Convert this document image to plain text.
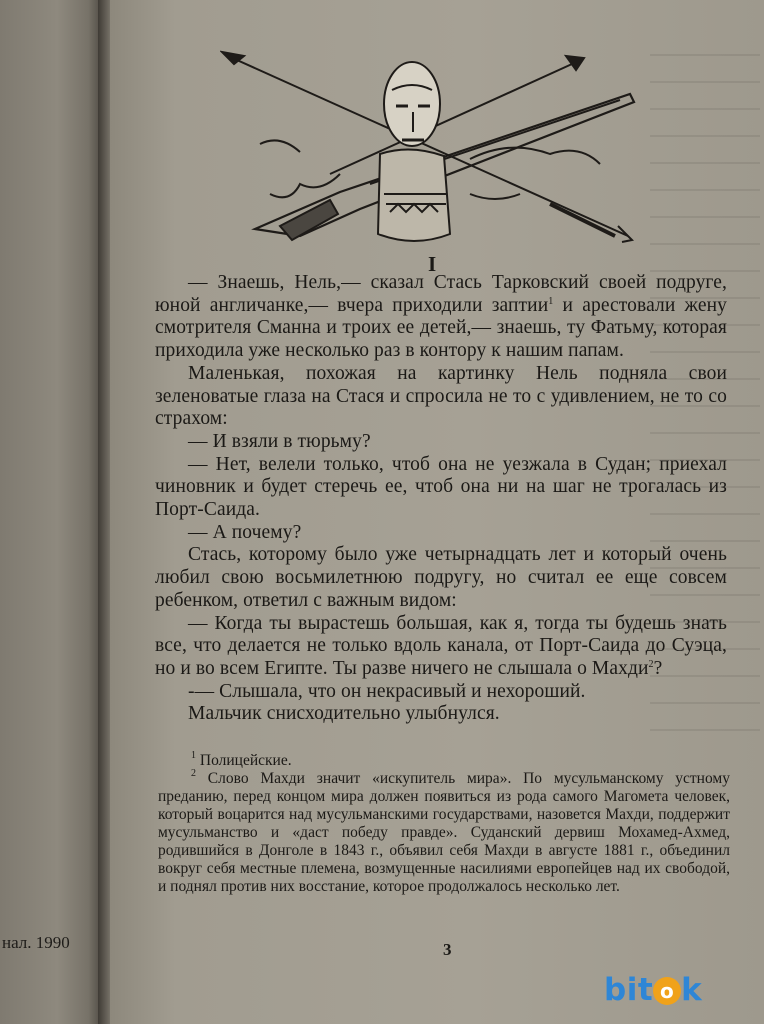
нал. 1990
I

— Знаешь, Нель,— сказал Стась Тарковский своей подруге, юной англичанке,— вчера приходили заптии$^1$ и арестовали жену смотрителя Сманна и троих ее детей,— знаешь, ту Фатьму, которая приходила уже несколько раз в контору к нашим папам.

Маленькая, похожая на картинку Нель подняла свои зеленоватые глаза на Стася и спросила не то с удивлением, не то со страхом:

— И взяли в тюрьму?

— Нет, велели только, чтоб она не уезжала в Судан; приехал чиновник и будет стеречь ее, чтоб она ни на шаг не трогалась из Порт-Саида.

— А почему?

Стась, которому было уже четырнадцать лет и который очень любил свою восьмилетнюю подругу, но считал ее еще совсем ребенком, ответил с важным видом:

— Когда ты вырастешь большая, как я, тогда ты будешь знать все, что делается не только вдоль канала, от Порт-Саида до Суэца, но и во всем Египте. Ты разве ничего не слышала о Махди$^2$?

-— Слышала, что он некрасивый и нехороший.

Мальчик снисходительно улыбнулся.

$^1$ Полицейские.

$^2$ Слово Махди значит «искупитель мира». По мусульманскому устному преданию, перед концом мира должен появиться из рода самого Магомета человек, который воцарится над мусульманскими государствами, назовется Махди, поддержит мусульманство и «даст победу правде». Суданский дервиш Мохамед-Ахмед, родившийся в Донголе в 1843 г., объявил себя Махди в августе 1881 г., объединил вокруг себя местные племена, возмущенные насилиями европейцев над их свободой, и поднял против них восстание, которое продолжалось несколько лет.

3
bit o k
